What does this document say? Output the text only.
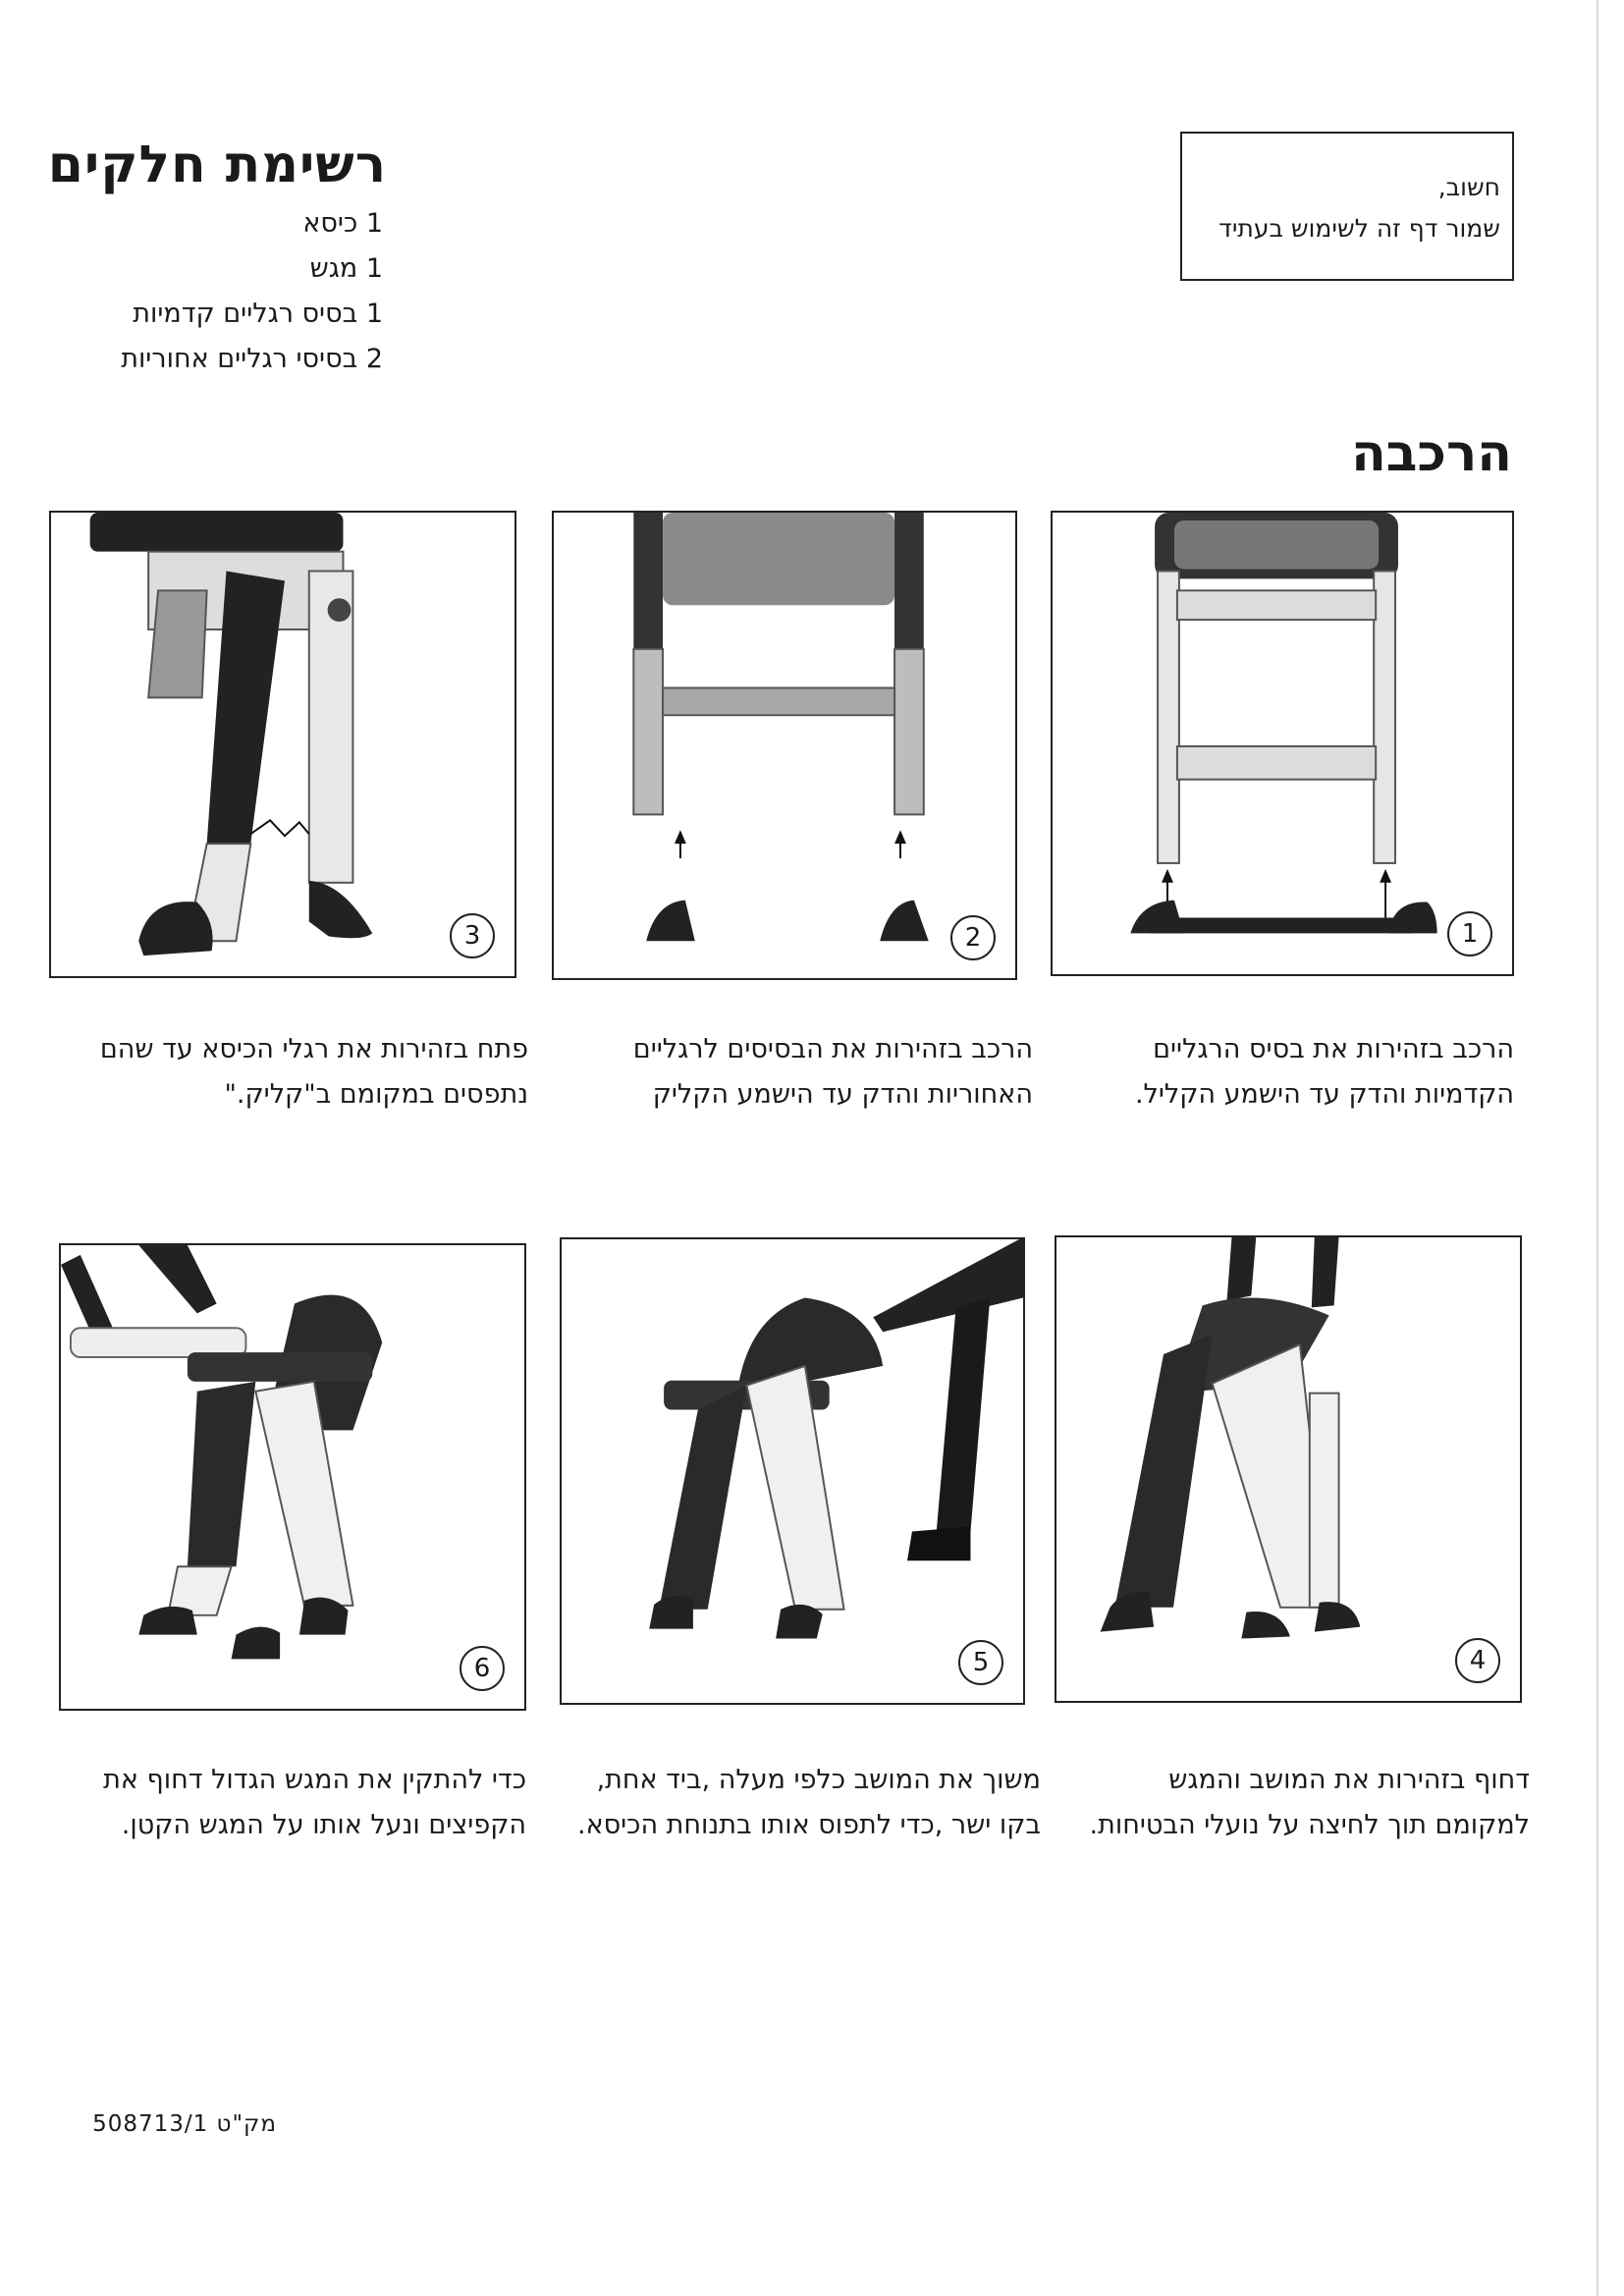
רשימת חלקים
1 כיסא
1 מגש
1 בסיס רגליים קדמיות
2 בסיסי רגליים אחוריות
חשוב,
שמור דף זה לשימוש בעתיד
הרכבה
1
2
3
הרכב בזהירות את בסיס הרגליים
הקדמיות והדק עד הישמע הקליל.
הרכב בזהירות את הבסיסים לרגליים
האחוריות והדק עד הישמע הקליק
פתח בזהירות את רגלי הכיסא עד שהם
נתפסים במקומם ב"קליק."
4
5
6
דחוף בזהירות את המושב והמגש
למקומם תוך לחיצה על נועלי הבטיחות.
משוך את המושב כלפי מעלה ,ביד אחת,
בקו ישר ,כדי לתפוס אותו בתנוחת הכיסא.
כדי להתקין את המגש הגדול דחוף את
הקפיצים ונעל אותו על המגש הקטן.
מק"ט 508713/1
